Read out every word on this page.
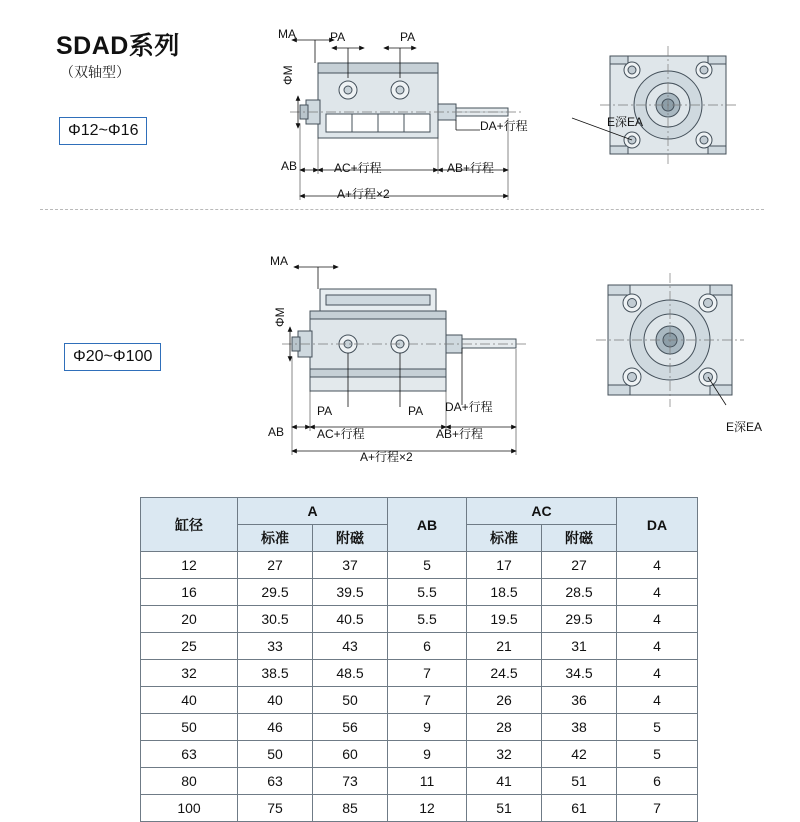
SDAD系列
（双轴型）
Φ12~Φ16
Φ20~Φ100
MA	PA	PA
ΦM
DA+行程
AB	AC+行程	AB+行程
A+行程×2
E深EA
MA
ΦM
PA	PA DA+行程
AB	AC+行程	AB+行程
A+行程×2
E深EA
缸径	A		AB	AC		DA
	标准	附磁		标准	附磁	
12	27	37	5	17	27	4
16	29.5	39.5	5.5	18.5	28.5	4
20	30.5	40.5	5.5	19.5	29.5	4
25	33	43	6	21	31	4
32	38.5	48.5	7	24.5	34.5	4
40	40	50	7	26	36	4
50	46	56	9	28	38	5
63	50	60	9	32	42	5
80	63	73	11	41	51	6
100	75	85	12	51	61	7
